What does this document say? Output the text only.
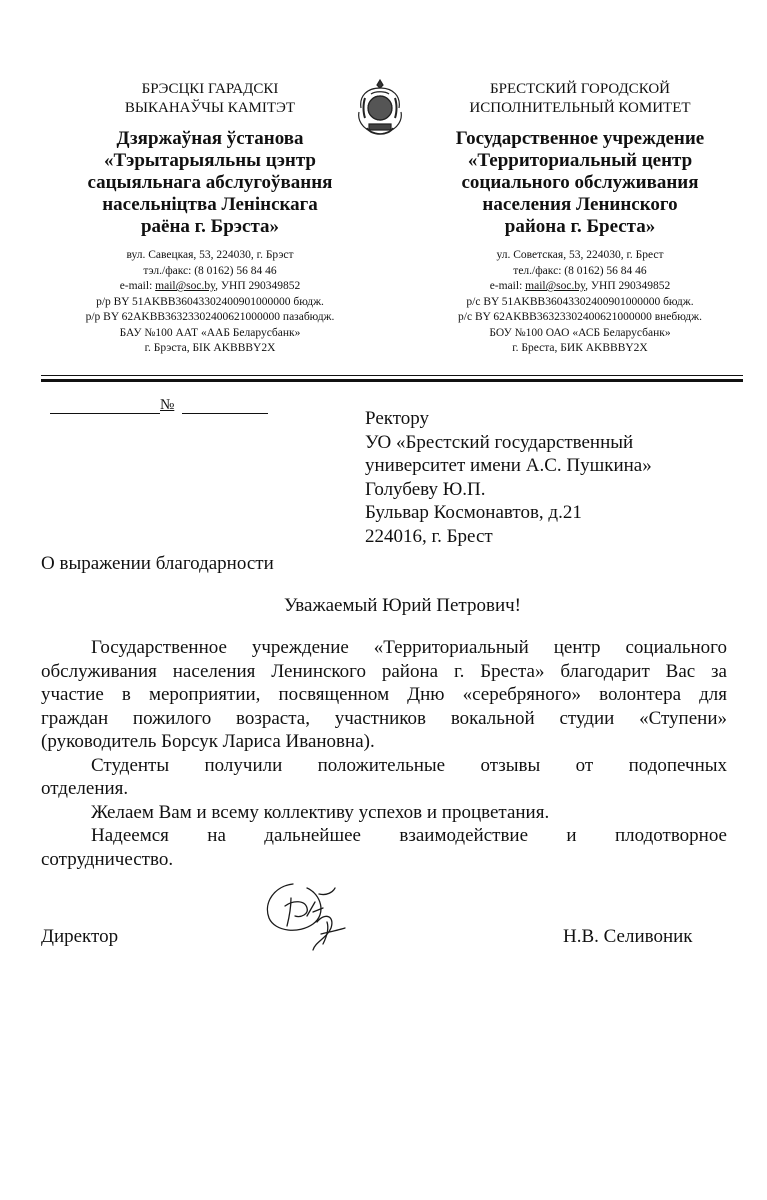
БРЭСЦКІ ГАРАДСКІ
ВЫКАНАЎЧЫ КАМІТЭТ
Дзяржаўная ўстанова
«Тэрытарыяльны цэнтр
сацыяльнага абслугоўвання
насельніцтва Ленінскага
раёна г. Брэста»
вул. Савецкая, 53, 224030, г. Брэст
тэл./факс: (8 0162) 56 84 46
e-mail: mail@soc.by, УНП 290349852
р/р BY 51AKBB36043302400901000000 бюдж.
р/р BY 62AKBB36323302400621000000 пазабюдж.
БАУ №100 ААТ «ААБ Беларусбанк»
г. Брэста, БІК AKBBBY2X
БРЕСТСКИЙ ГОРОДСКОЙ
ИСПОЛНИТЕЛЬНЫЙ КОМИТЕТ
Государственное учреждение
«Территориальный центр
социального обслуживания
населения Ленинского
района г. Бреста»
ул. Советская, 53, 224030, г. Брест
тел./факс: (8 0162) 56 84 46
e-mail: mail@soc.by, УНП 290349852
р/с BY 51AKBB36043302400901000000 бюдж.
р/с BY 62AKBB36323302400621000000 внебюдж.
БОУ №100 ОАО «АСБ Беларусбанк»
г. Бреста, БИК AKBBBY2X
№
Ректору
УО «Брестский государственный
университет имени А.С. Пушкина»
Голубеву Ю.П.
Бульвар Космонавтов, д.21
224016, г. Брест
О выражении благодарности
Уважаемый Юрий Петрович!
Государственное учреждение «Территориальный центр социального
обслуживания населения Ленинского района г. Бреста» благодарит Вас за
участие в мероприятии, посвященном Дню «серебряного» волонтера для
граждан пожилого возраста, участников вокальной студии «Ступени»
(руководитель Борсук Лариса Ивановна).
Студенты получили положительные отзывы от подопечных
отделения.
Желаем Вам и всему коллективу успехов и процветания.
Надеемся на дальнейшее взаимодействие и плодотворное
сотрудничество.
Директор	Н.В. Селивоник
